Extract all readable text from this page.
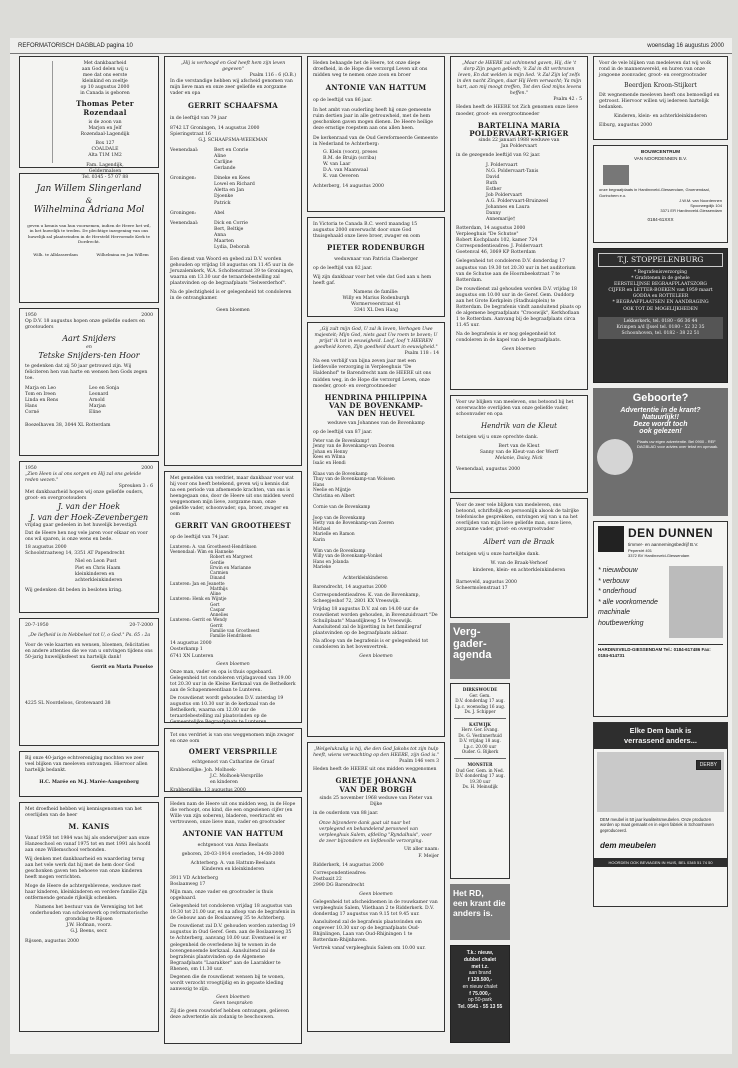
REFORMATORISCH DAGBLAD pagina 10	woensdag 16 augustus 2000
Met dankbaarheid
aan God delen wij u
mee dat ons eerste
kleinkind en zoeltje
op 10 augustus 2000
in Canada is geboren
Thomas Peter
Rozendaal
is de zoon van
Marjon en Jelf
Rozendaal-Lagendijk
Box 127
COALDALE
Alta T1M 1M2
Fam. Lagendijk,
Geldermalsen
Tel. 0345 - 57 07 88
Jan Willem Slingerland
&
Wilhelmina Adriana Mol
geven u kennis van hun voornemen, indien de Heere het wil, in het huwelijk te treden. De plechtige inzegening van ons huwelijk zal plaatsvinden in de Hersteld Hervormde Kerk te Dordrecht.
Wilh. te Alblasserdam	Wilhelmina en Jan Willem
1950	2000
Op D.V. 18 augustus hopen onze geliefde ouders en grootouders
Aart Snijders
en
Tetske Snijders-ten Hoor
te gedenken dat zij 50 jaar getrouwd zijn. Wij feliciteren hen van harte en wensen hen Gods zegen toe.
Marja en Leo	Leo en Sonja
Tom en Ireen	Leonard
Linda en Rens	Arnold
Hans	Marjan
Corné	Eline
Boezelhaven 38, 3044 XL Rotterdam
1950	2000
„Zien Heen is al ons sorgen en Hij zal ons geleide reden wezen."
Spreuken 3 : 6
Met dankbaarheid hopen wij onze geliefde ouders, groot- en overgrootouders
J. van der Hoek
J. van der Hoek-Zevenbergen
vrijdag gaar gedeelen in het huwelijk bevestigd.
Dat de Heere hen nog vele jaren voor elkaar en voor ons wil sparen, is onze wens en bede.
18 augustus 2000
Schoolstraatweg 14, 3351 AT Papendrecht
Niel en Leon Pust
Piet en Chris Haam
kleinkinderen en
achterkleinkinderen
Wij gedenken dit beden in besloten kring.
20-7-1950	20-7-2000
„De liefheid is in Nebbelsel tot U, o God." Ps. 65 : 2a
Voor de vele kaarten en wensen, bloemen, felicitaties en andere attenties die we van u ontvingen tijdens ons 50-jarig huwelijksfeest nu hartelijk dank!
Gerrit en Maria Pouelse
4225 SL Noordeloos, Grotewaard 38
Bij onze 40-jarige echtvereniging mochten we zeer veel blijken van meeleven ontvangen. Hiervoor allen hartelijk bedankt.
H.C. Marée en M.J. Marée-Aangenberg
Met droefheid hebben wij kennisgenomen van het overlijden van de heer
M. KANIS
Vanaf 1958 tot 1984 was hij als onderwijzer aan onze Hanzeschool en vanaf 1975 tot en met 1991 als hoofd aan onze Willemschool verbonden.
Wij denken met dankbaarheid en waardering terug aan het vele werk dat hij met de hem door God geschonken gaven ten behoeve van onze kinderen heeft mogen verrichten.
Moge de Heere de achtergeblevene, weduwe met haar kinderen, kleinkinderen en verdere familie Zijn ontfermende genade rijkelijk schenken.
Namens het bestuur van de Vereniging tot het onderhouden van scholenwerk op reformatorische grondslag te Rijssen
J.W. Hofman, voorz.
G.J. Beens, secr.
Rijssen, augustus 2000
„Hij is verhoogd en God heeft hem zijn leven gegeven"
Psalm 116 : 6 (O.B.)
In die verstandige hebben wij afscheid genomen van mijn lieve man en onze zeer geliefde en zorgzame vader en opa
GERRIT SCHAAFSMA
in de leeftijd van 79 jaar
8742 LT Groningen, 14 augustus 2000
Spieringstraat 16

G.J. SCHAAFSMA-WEEKMAN
Veenendaal:	Bert en Conrie
Aline
Carlijne
Gerlande
Groningen:	Dineke en Kees
Lowel en Richard
Aletta en Jan
Djoenke
Patrick
Groningen:	Abel
Veenendaal:	Dick en Corrie
Bert, Beltkje
Anna
Maarten
Lydia, Deborah
Een dienst van Woord en gebed zal D.V. worden gehouden op vrijdag 18 augustus om 11.45 uur in de Jeruzalemkerk, W.A. Scholtenstraat 39 te Groningen, waarna om 13.30 uur de teraardebestelling zal plaatsvinden op de begraafplaats "Selwerderhof".
Na de plechtigheid is er gelegenheid tot condoleren in de ontvangkamer.
Geen bloemen
Met gemelden van verdriet, maar dankbaar voor wat hij voor ons heeft betekend, geven wij u kennis dat na een periode van afnemende krachten, van ons is heengegaan ons, door de Heere uit ons midden werd weggenomen mijn lieve, zorgzame man, onze geliefde vader, schoonvader, opa, broer, zwager en oom
GERRIT VAN GROOTHEEST
op de leeftijd van 74 jaar.
Lunteren: A. van Grootheest-Hendriksen
Veenendaal: Wim en Hanneke
Robert en Margreet
Gerdie
Erwin en Marianne
Carmien
Dinand
Lunteren: Jan en Jeanette
Matthijs
Aline
Lunteren: Henk en Wijntje
Gert
Caspar
Annelies
Lunteren: Gerrit en Wendy
Gerrit
Familie van Grootheest
Familie Hendriksen
14 augustus 2000
Oosterkamp 1
6741 XN Lunteren
Geen bloemen
Onze man, vader en opa is thuis opgebaard. Gelegenheid tot condoleren vrijdagavond van 19.00 tot 20.30 uur in de Kleine Kerkzaal van de Bethelkerk aan de Schapenmeentlaan te Lunteren.
De rouwdienst wordt gehouden D.V. zaterdag 19 augustus om 10.30 uur in de kerkzaal van de Bethelkerk, waarna om 12.00 uur de teraardebestelling zal plaatsvinden op de Gemeentelijke Begraafplaats te Lunteren.
Tot ons verdriet is van ons weggenomen mijn zwager en onze oom
OMERT VERSPRILLE
echtgenoot van Catharine de Graaf
Krabbendijke: Joh. Molhoek-
J.C. Molhoek-Versprille
en kinderen
Krabbendijke, 13 augustus 2000
Heden nam de Heere uit ons midden weg, in de Hope die verhoopt, ons kind, die een ongezienen cijfer (en Wille van zijn soberen), bladeren, veerkracht en vertrouwen, onze lieve man, vader en grootvader
ANTONIE VAN HATTUM
echtgenoot van Anna Beelaats
geboren, 20-03-1914 overleden, 14-08-2000
Achterberg: A. van Hattum-Beelaats
Kinderen en kleinkinderen
3911 VD Achterberg
Boslaanweg 17
Mijn man, onze vader en grootvader is thuis opgebaard.
Gelegenheid tot condoleren vrijdag 18 augustus van 19.30 tot 21.00 uur, en na afloop van de begrafenis in de Gebouw aan de Boslaanweg 35 te Achterberg.
De rouwdienst zal D.V. gehouden worden zaterdag 19 augustus in Oud Geref. Gem. aan de Boslaanweg 35 te Achterberg, aanvang 10.00 uur. Eventueel is er gelegenheid de overledene bij te wonen in de bovengenoemde kerkzaal. Aansluitend zal de begrafenis plaatsvinden op de Algemene Begraafplaats "Laarakker" aan de Laarakker te Rhenen, om 11.30 uur.
Degenen die de rouwdienst wensen bij te wonen, wordt verzocht vroegtijdig en in gepaste kleding aanwezig te zijn.
Geen bloemen
Geen toespraken
Zij die geen rouwbrief hebben ontvangen, gelieven deze advertentie als zodanig te beschouwen.
Heden behaagde het de Heere, tot onze diepe droefheid, in de Hope die verzorgd Leven uit ons midden weg te nemen onze zoon en broer
ANTONIE VAN HATTUM
op de leeftijd van 86 jaar.
In het ambt van ouderling heeft hij onze gemeente ruim dertien jaar in alle getrouwheid, met de hem geschonken gaven mogen dienen. De Heere heilige deze ernstige roepstem aan ons allen heen.
De kerkenraad van de Oud Gereformeerde Gemeente in Nederland te Achterberg:
G. Klein (voorz), preses
B.M. de Bruijn (scriba)
W. van Laar
D.A. van Maanwaal
K. van Oeveren
Achterberg, 14 augustus 2000
In Victoria te Canada B.C. werd maandag 15 augustus 2000 onverwacht door onze God thuisgehaald onze lieve broer, zwager en oom
PIETER RODENBURGH
weduwnaar van Patricia Claeberger
op de leeftijd van 82 jaar.
Wij zijn dankbaar voor het vele dat God aan u hem heeft gaf.
Namens de familie:
Willy en Marius Rodenburgh
Wormerveerstraat 41
3341 XL Den Haag
„Gij zult mijn God, U zal ik loven, Verhogen Uwe majesteit; Mijn God, niets gaat Uw roem te boven; U prijst' ik tot in eeuwigheid. Loof, loof 't HEEREN goedheid koren, Zijn goedheid duurt in eeuwigheid."
Psalm 118 : 14
Na een verblijf van bijna zeven jaar met een liefdevolle verzorging in Verpleeghuis "De Haldenhof" te Barendrecht nam de HEERE uit ons midden weg, in de Hope die verzorgd Leven, onze moeder, groot- en overgrootmoeder
HENDRINA PHILIPPINA
VAN DE BOVENKAMP-
VAN DEN HEUVEL
weduwe van Johannes van de Bovenkamp
op de leeftijd van 87 jaar.
Peter van de Bovenkamp†
Jenny van de Bovenkamp-van Dooren
Johan en Henny
Kees en Wilma
Isaäc en Hendi

Klaas van de Bovenkamp
Thuy van de Bovenkamp-van Wolssen
Hans
Neelie en Mijntje
Christina en Albert

Cornie van de Bovenkamp

Joop van de Bovenkamp
Hetty van de Bovenkamp-van Zoeren
Michael
Marielle en Ramon
Karin

Wim van de Bovenkamp
Willy van de Bovenkamp-Vonkel
Hans en Jolanda
Marieke

Achterkleinkinderen
Barendrecht, 14 augustus 2000
Correspondentieadres: K. van de Bovenkamp, Scheepjeshof 72, 2801 KX Vreeswijk.
Vrijdag 18 augustus D.V. zal om 14.00 uur de rouwdienst worden gehouden, in Bovenzuidvaart "De Schuilplaats" Maasdijkweg 5 te Vreeswijk. Aansluitend zal de bijzetting in het familiegraf plaatsvinden op de begraafplaats aldaar.
Na afloop van de begrafenis is er gelegenheid tot condoleren in het bovenvertrek.
Geen bloemen
„Welgelukzalig is hij, die den God Jakobs tot zijn hulp heeft, wiens verwachting op den HEERE, zijn God is."
Psalm 146 vers 3
Heden heeft de HEERE uit ons midden weggenomen
GRIETJE JOHANNA
VAN DER BORGH
sinds 25 november 1968 weduwe van Pieter van Dijke
in de ouderdom van 88 jaar.
Onze bijzondere dank gaat uit naar het verplegend en behandelend personeel van verpleeghuis Salem, afdeling "Ryndalhuis", voor de zeer bijzondere en liefdevolle verzorging.
Uit aller naam:
F. Meijer
Ridderkerk, 14 augustus 2000
Correspondentieadres:
Postbaxit 22
2990 DG Barendrecht
Geen bloemen
Gelegenheid tot afscheidnemen in de rouwkamer van verpleeghuis Salem, Vliethaan 2 te Ridderkerk. D.V. donderdag 17 augustus van 9.15 tot 9.45 uur.
Aansluitend zal de begrafenis plaatsvinden om ongeveer 10.30 uur op de begraafplaats Oud-Rhijnlingen, Laan van Oud-Rhijningen 1 te Rotterdam-Rhijnhaven.
Vertrek vanaf verpleeghuis Salem om 10.00 uur.
„Maar de HEERE zal schinnend gaven, Hij, die 't dorp Zijn pogen gebiedt; 'k Zal in dit verbrozen leven, En dat welden is mijn lied. 'k Zal Zijn lof zelfs in den nacht Zingen, daar Hij Hem verwacht; Ya mijn hart, aan mij moogt treffen, Tot den God mijns levens heffen."
Psalm 42 : 5
Heden heeft de HEERE tot Zich genomen onze lieve moeder, groot- en overgrootmoeder
BARTELINA MARIA
POLDERVAART-KRIGER
sinds 22 januari 1988 weduwe van
Jan Poldervaart
in de gezegende leeftijd van 92 jaar.
J. Poldervaart
N.G. Poldervaart-Tanis
David
Ruth
Esther
Job Poldervaart
A.G. Poldervaart-Bruinzeel
Johannes en Laura
Danny
Annemarije†
Rotterdam, 14 augustus 2000
Verpleeghuis "De Schutse"
Robert Kochplaats 102, kamer 724
Correspondentieadres: J. Poldervaart
Goetenval 46, 3069 KP Rotterdam
Gelegenheid tot condoleren D.V. donderdag 17 augustus van 19.30 tot 20.30 uur in het auditorium van de Schutse aan de Hoornbeekstraat 7 te Rotterdam.
De rouwdienst zal gehouden worden D.V. vrijdag 18 augustus om 10.00 uur in de Geref. Gem. Ouddorp aan het Grote Kerkplein (Stadhuisplein) te Rotterdam. De begrafenis vindt aansluitend plaats op de algemene begraafplaats "Crooswijk", Kerkhoflaan 1 te Rotterdam. Aanvang bij de begraafplaats circa 11.45 uur.
Na de begrafenis is er nog gelegenheid tot condoleren in de kapel van de begraafplaats.
Geen bloemen
Voor uw blijken van meeleven, ons betoond bij het onverwachte overlijden van onze geliefde vader, schoonvader en opa
Hendrik van de Kleut
betuigen wij u onze oprechte dank.
Bert van de Kleut
Sanny van de Kleut-van der Werff
Melanie, Daisy, Nick
Veenendaal, augustus 2000
Voor de zeer vele blijken van medeleven, ons betoond, schriftelijk en persoonlijk alsook de talrijke telefonische gesprekken, ontvingen wij van u na het overlijden van mijn lieve geliefde man, onze lieve, zorgzame vader, groot- en overgrootvader
Albert van de Braak
betuigen wij u onze hartelijke dank.
W. van de Braak-Verhoef
kinderen, klein- en achterkleinkinderen
Barneveld, augustus 2000
Scheermolenstraat 17
Verg-
gader-
agenda
DIRKSWOUDE
Ger. Gem.
D.V. donderdag 17 aug.
Lp.c. woensdag 16 aug.
Ds. J. Schipper
KATWIJK
Herv. Ger. Evang.
Ds. G. Vestinnerhuid
D.V. vrijdag 18 aug.
Lp.c. 20.00 uur
Ouder. G. Bijkerk
MONSTER
Oud Ger. Gem. in Ned.
D.V. donderdag 17 aug.
19.30 uur
Ds. H. Meinsdijk
Het RD,
een krant die
anders is.
T.k.: nieuw,
dubbel chalet
met t.z.
aan brand
f 129.500,-
en nieuw chalet
f 75.000,-
op 50-park
Tel. 0541 - 55 13 55
Voor de vele blijken van medeleven dat wij wolk rond in de mannenwereld, en huren van onze jongoene zoonvader, groot- en overgrootvader
Beerdjen Kroon-Stijkert
Dit wegnemende meeleven heeft ons bemoedigd en getroost. Hiervoor willen wij iedereen hartelijk bedanken.
Kinderen, klein- en achterkleinkinderen
Elburg, augustus 2000
BOUWCENTRUM
VAN NOORDENNEN B.V.
onze begraafplaats in Hardinxveld-Giessendam, Groenendaal, Gorinchem e.o.
J.W.M. van Noordennen
Spoorwegdijk 104
3371 ER Hardinxveld-Giessendam
0184-61XXX
T.J. STOPPELENBURG
* Begrafenisverzorging
* Grafstenen in de gehele
EERSTELIJNSE BEGRAAFPLAATSZORG
CIJFER en LETTER-BOEKEN van 1959 maart
GODDA en ROTTELEER
* BEGRAAFPLAATSEN EN AANDRAGING
OOK TOT DE MOGELIJKHEDEN
Lekkerkerk, tel. 0180 - 66 36 44
Krimpen a/d IJssel tel. 0180 - 52 32 35
Schoonhoven, tel. 0182 - 38 22 51
Geboorte?
Advertentie in de krant?
Natuurlijk!!
Deze wordt toch
ook gelezen!
Plaats uw eigen advertentie. Bel 0900 - REF DAGBLAD voor advies over tekst en opmaak.
DEN DUNNEN
timmer- en aannemingsbedrijf B.V.
Peperstrt 401
3372 BV Hardinxveld-Giessendam
* nieuwbouw
* verbouw
* onderhoud
* alle voorkomende machinale houtbewerking
HARDINXVELD-GIESSENDAM Tel.: 0184-617486 Fax: 0184-614731
Elke Dem bank is
verrassend anders...
DERBY
DEM meubel is 50 jaar kwaliteitsmeubelen. Onze producten worden op maat gemaakt en in eigen fabriek in Schoonhoven geproduceerd.
dem meubelen
HOORDEN OOK BEVIAGEN IN HUIS, BEL 0345 51 74 50
